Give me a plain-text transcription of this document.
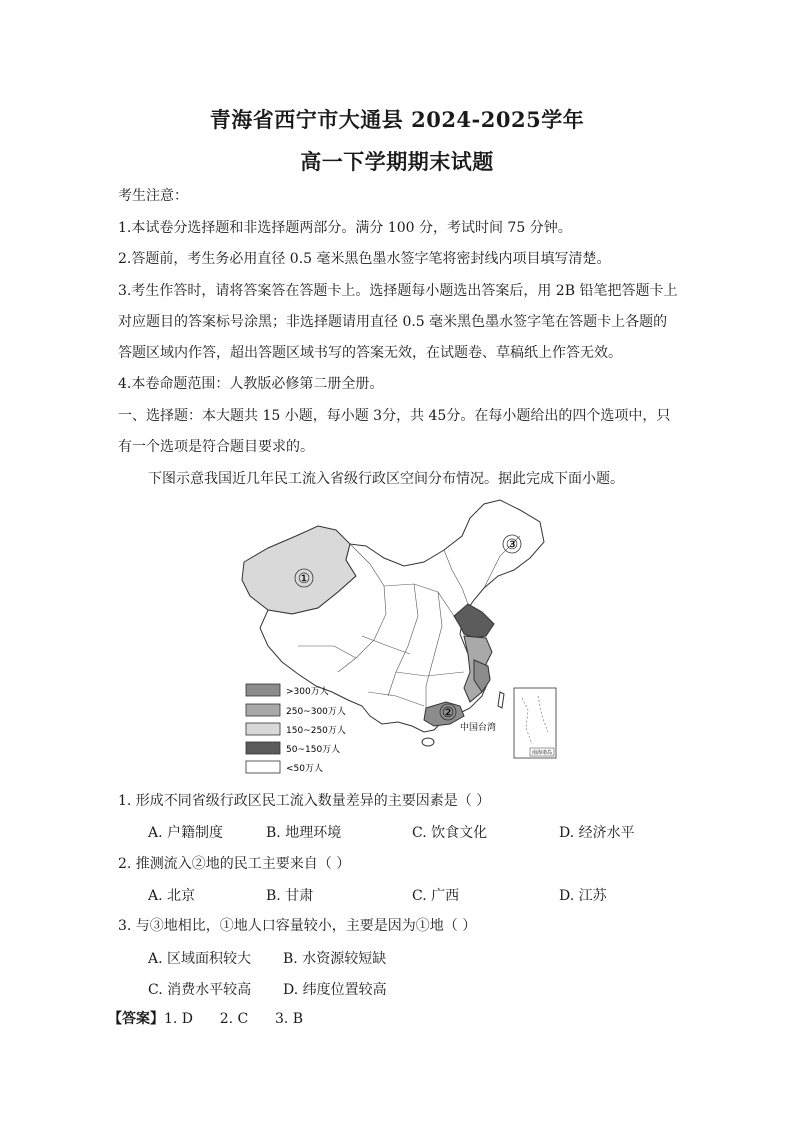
青海省西宁市大通县 2024-2025学年
高一下学期期末试题
考生注意：
1.本试卷分选择题和非选择题两部分。满分 100 分，考试时间 75 分钟。
2.答题前，考生务必用直径 0.5 毫米黑色墨水签字笔将密封线内项目填写清楚。
3.考生作答时，请将答案答在答题卡上。选择题每小题选出答案后，用 2B 铅笔把答题卡上
对应题目的答案标号涂黑；非选择题请用直径 0.5 毫米黑色墨水签字笔在答题卡上各题的
答题区域内作答，超出答题区域书写的答案无效，在试题卷、草稿纸上作答无效。
4.本卷命题范围：人教版必修第二册全册。
一、选择题：本大题共 15 小题，每小题 3分，共 45分。在每小题给出的四个选项中，只
有一个选项是符合题目要求的。
下图示意我国近几年民工流入省级行政区空间分布情况。据此完成下面小题。
①
②
③
中国台湾
南海诸岛
>300万人
250~300万人
150~250万人
50~150万人
<50万人
1. 形成不同省级行政区民工流入数量差异的主要因素是（ ）
A. 户籍制度	B. 地理环境	C. 饮食文化	D. 经济水平
2. 推测流入②地的民工主要来自（ ）
A. 北京	B. 甘肃	C. 广西	D. 江苏
3. 与③地相比，①地人口容量较小，主要是因为①地（ ）
A. 区域面积较大 B. 水资源较短缺
C. 消费水平较高 D. 纬度位置较高
【答案】1. D      2. C      3. B
